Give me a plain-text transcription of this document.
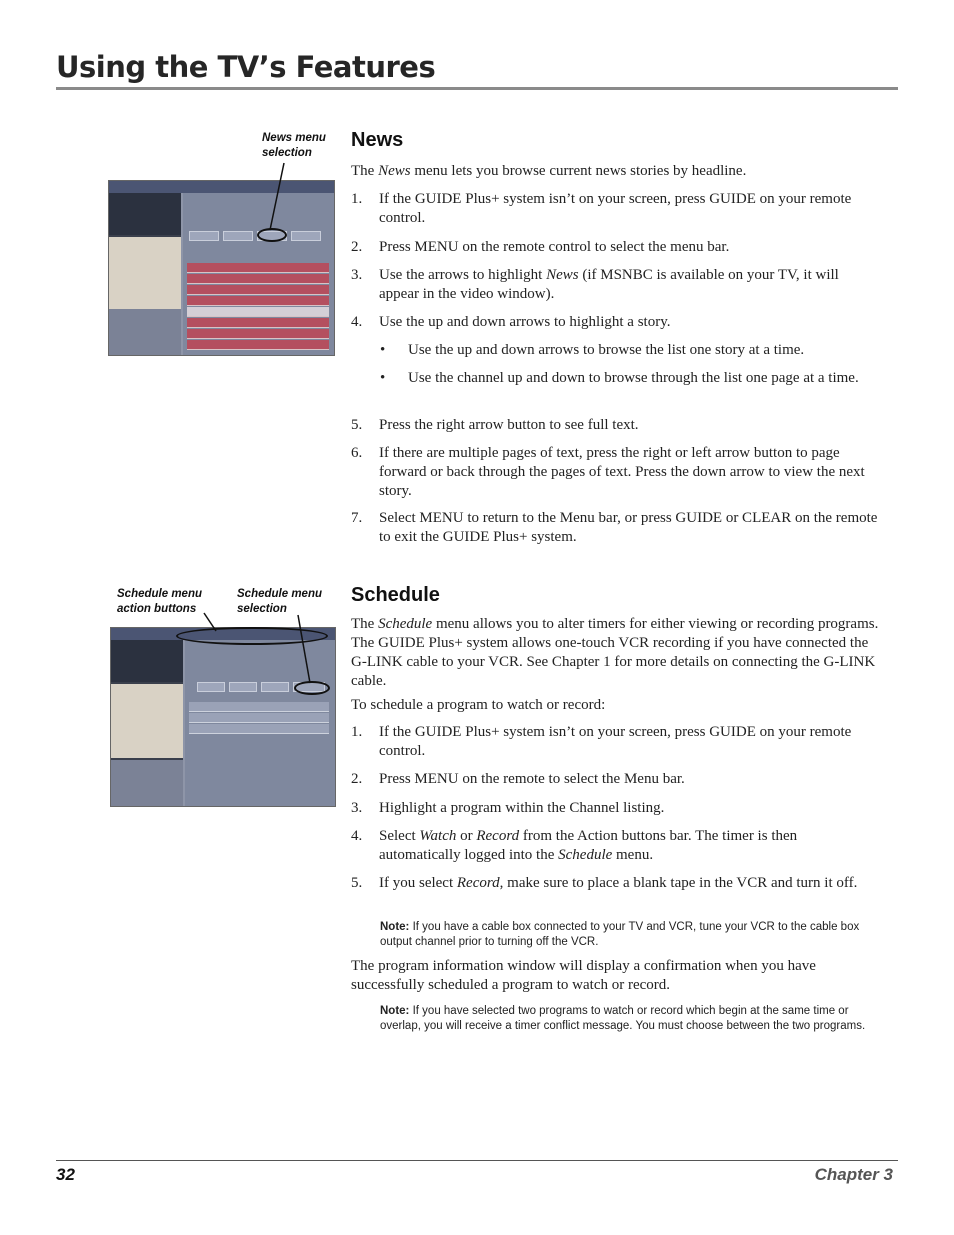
Using the TV’s Features
News menu
selection
Schedule menu
action buttons
Schedule menu
selection
News

The News menu lets you browse current news stories by headline.

1. If the GUIDE Plus+ system isn’t on your screen, press GUIDE on your remote control.
2. Press MENU on the remote control to select the menu bar.
3. Use the arrows to highlight News (if MSNBC is available on your TV, it will appear in the video window).
4. Use the up and down arrows to highlight a story.
• Use the up and down arrows to browse the list one story at a time.
• Use the channel up and down to browse through the list one page at a time.
5. Press the right arrow button to see full text.
6. If there are multiple pages of text, press the right or left arrow button to page forward or back through the pages of text. Press the down arrow to view the next story.
7. Select MENU to return to the Menu bar, or press GUIDE or CLEAR on the remote to exit the GUIDE Plus+ system.
Schedule

The Schedule menu allows you to alter timers for either viewing or recording programs. The GUIDE Plus+ system allows one-touch VCR recording if you have connected the G-LINK cable to your VCR. See Chapter 1 for more details on connecting the G-LINK cable.

To schedule a program to watch or record:

1. If the GUIDE Plus+ system isn’t on your screen, press GUIDE on your remote control.
2. Press MENU on the remote to select the Menu bar.
3. Highlight a program within the Channel listing.
4. Select Watch or Record from the Action buttons bar. The timer is then automatically logged into the Schedule menu.
5. If you select Record, make sure to place a blank tape in the VCR and turn it off.
Note: If you have a cable box connected to your TV and VCR, tune your VCR to the cable box output channel prior to turning off the VCR.

The program information window will display a confirmation when you have successfully scheduled a program to watch or record.

Note: If you have selected two programs to watch or record which begin at the same time or overlap, you will receive a timer conflict message. You must choose between the two programs.
32	Chapter 3
